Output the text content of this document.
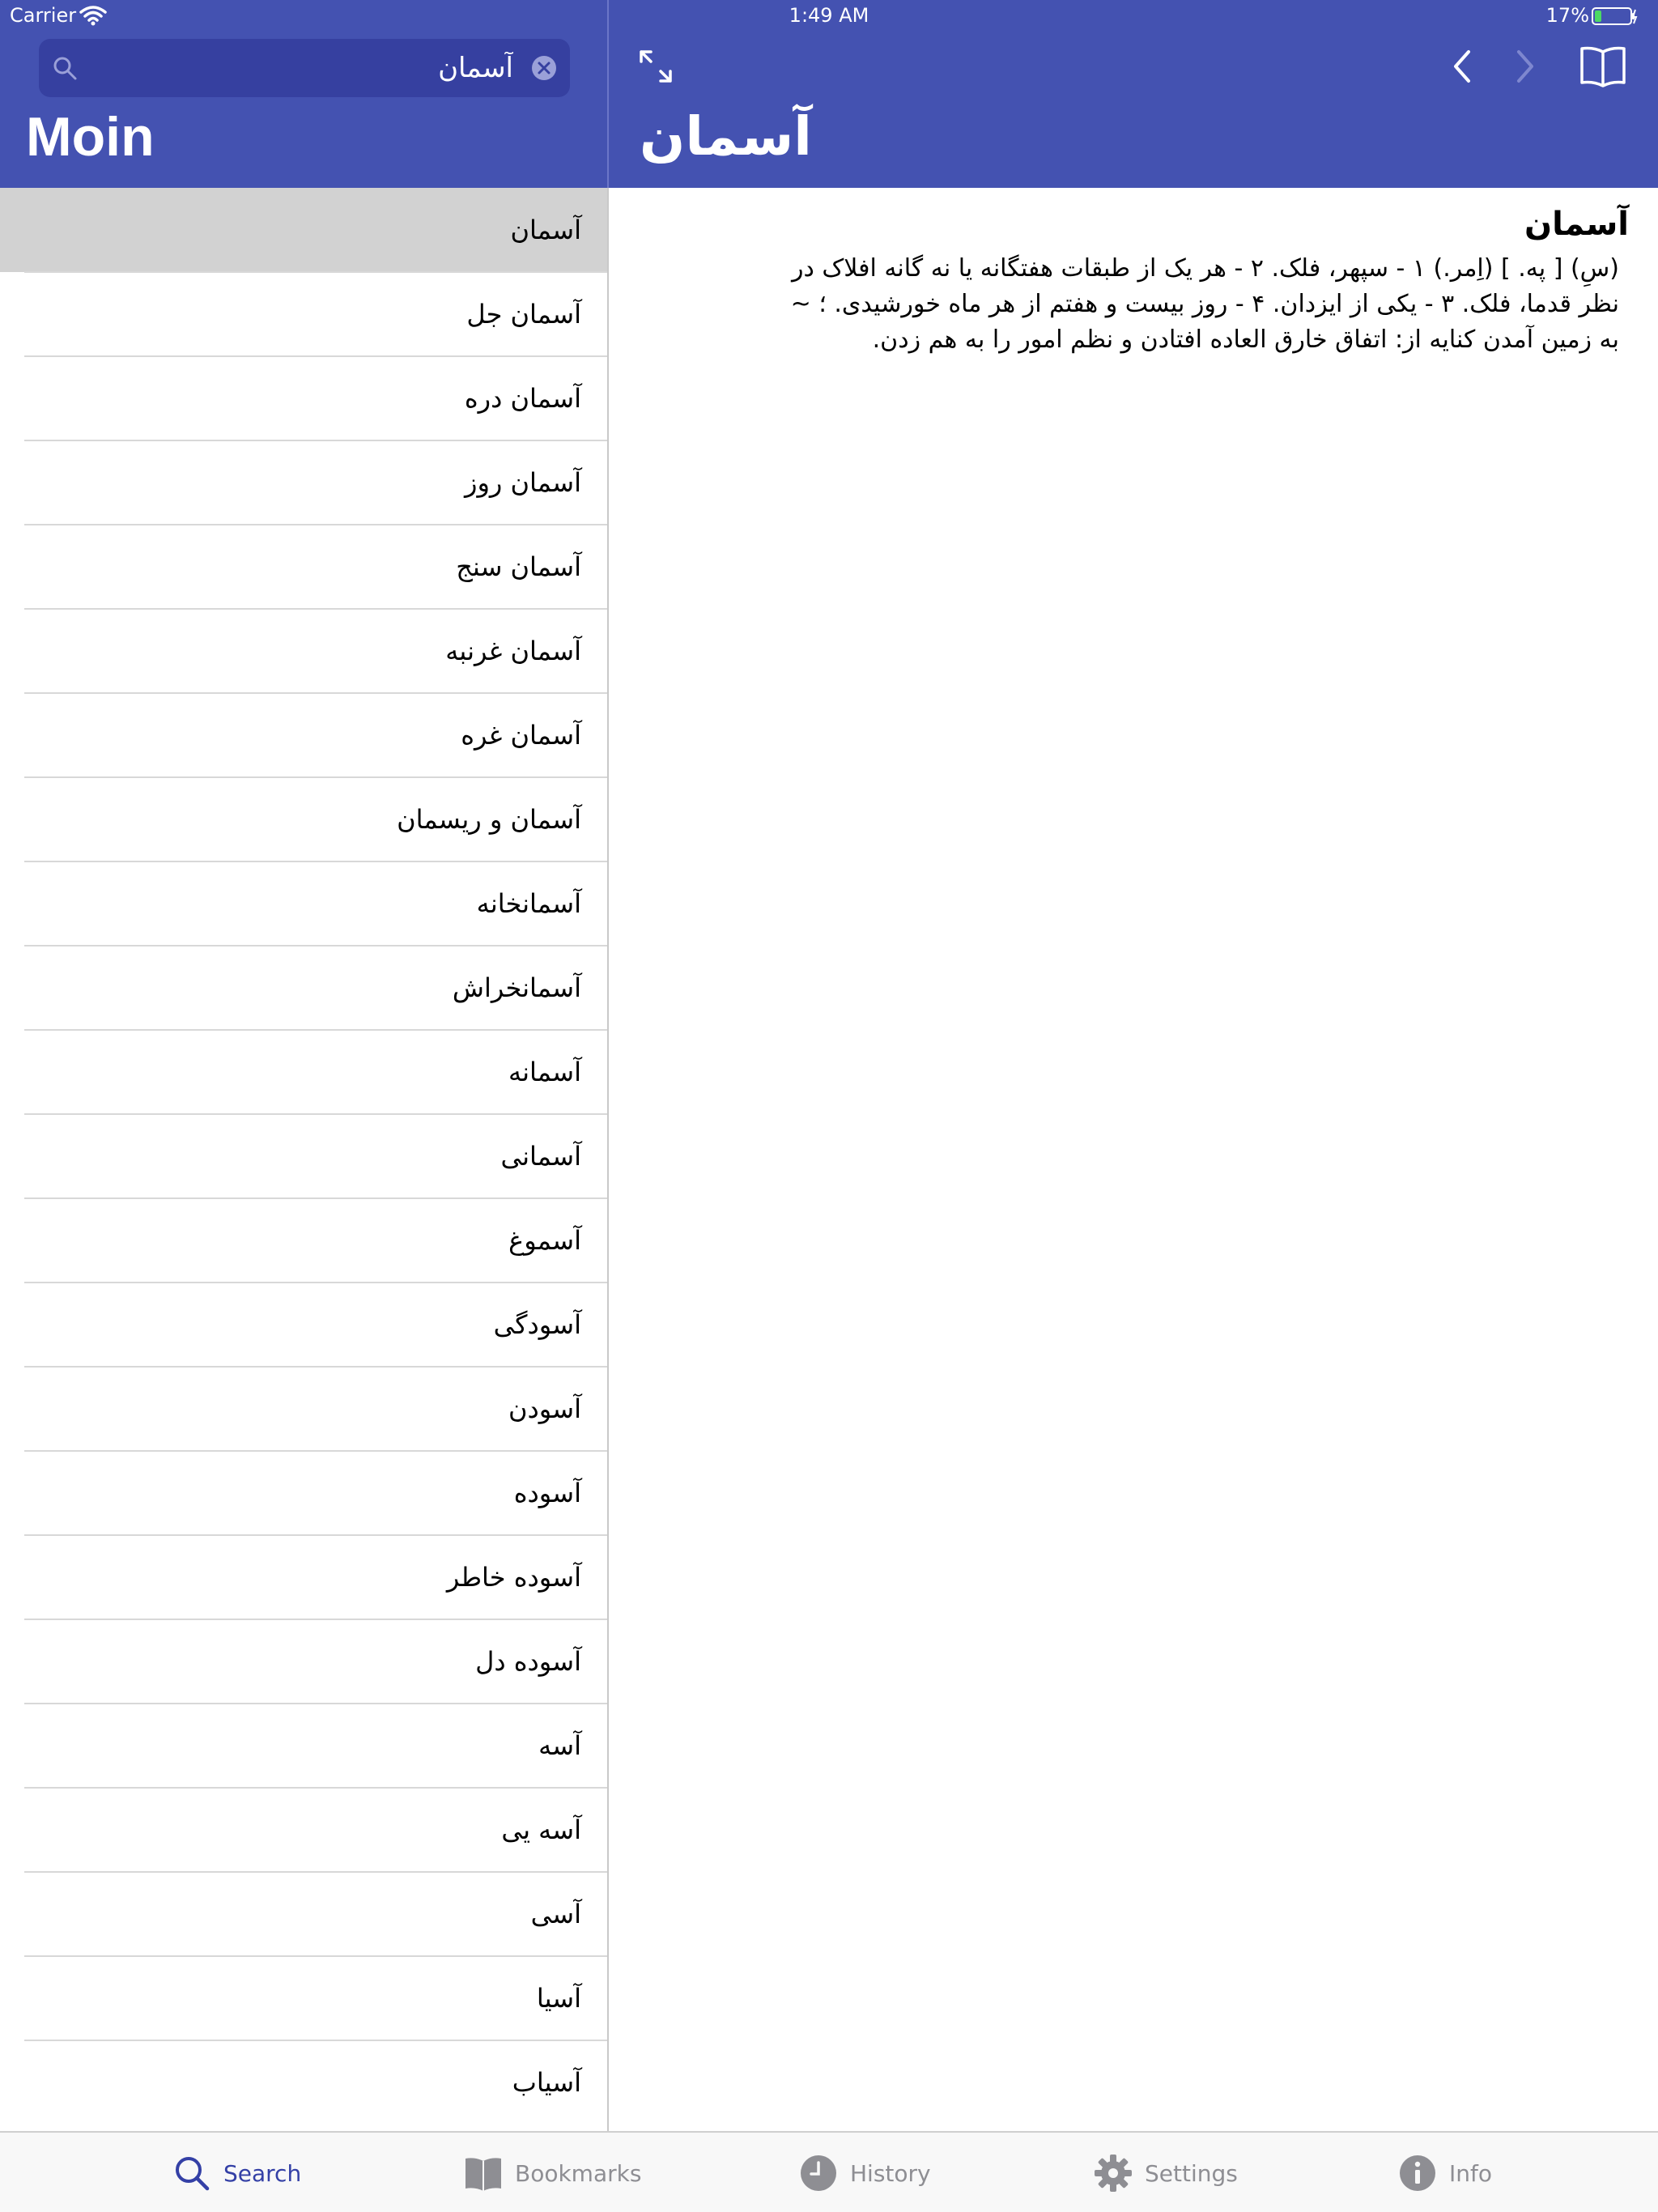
Carrier	1:49 AM	17%
آسمان
Moin	آسمان
آسمان
آسمان جل
آسمان دره
آسمان روز
آسمان سنج
آسمان غرنبه
آسمان غره
آسمان و ریسمان
آسمانخانه
آسمانخراش
آسمانه
آسمانی
آسموغ
آسودگی
آسودن
آسوده
آسوده خاطر
آسوده دل
آسه
آسه یی
آسی
آسیا
آسیاب
آسمان
(سِ) [ په. ] (اِمر.) ۱ - سپهر، فلک. ۲ - هر یک از طبقات هفتگانه یا نه گانه افلاک در
نظر قدما، فلک. ۳ - یکی از ایزدان. ۴ - روز بیست و هفتم از هر ماه خورشیدی. ؛ ~
به زمین آمدن کنایه از: اتفاق خارق العاده افتادن و نظم امور را به هم زدن.
Search	Bookmarks	History	Settings	Info
